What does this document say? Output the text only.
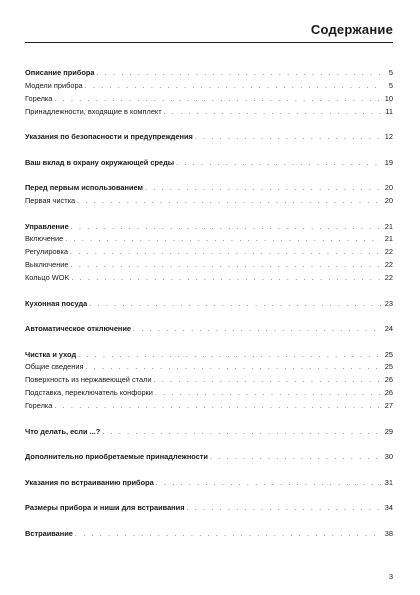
Содержание
Описание прибора . . .	5
Модели прибора . . .	5
Горелка . . .	10
Принадлежности, входящие в комплект . . .	11
Указания по безопасности и предупреждения . . .	12
Ваш вклад в охрану окружающей среды . . .	19
Перед первым использованием . . .	20
Первая чистка . . .	20
Управление . . .	21
Включение . . .	21
Регулировка . . .	22
Выключение . . .	22
Кольцо WOK . . .	22
Кухонная посуда . . .	23
Автоматическое отключение . . .	24
Чистка и уход . . .	25
Общие сведения . . .	25
Поверхность из нержавеющей стали . . .	26
Подставка, переключатель конфорки . . .	26
Горелка . . .	27
Что делать, если ...? . . .	29
Дополнительно приобретаемые принадлежности . . .	30
Указания по встраиванию прибора . . .	31
Размеры прибора и ниши для встраивания . . .	34
Встраивание . . .	38
3
